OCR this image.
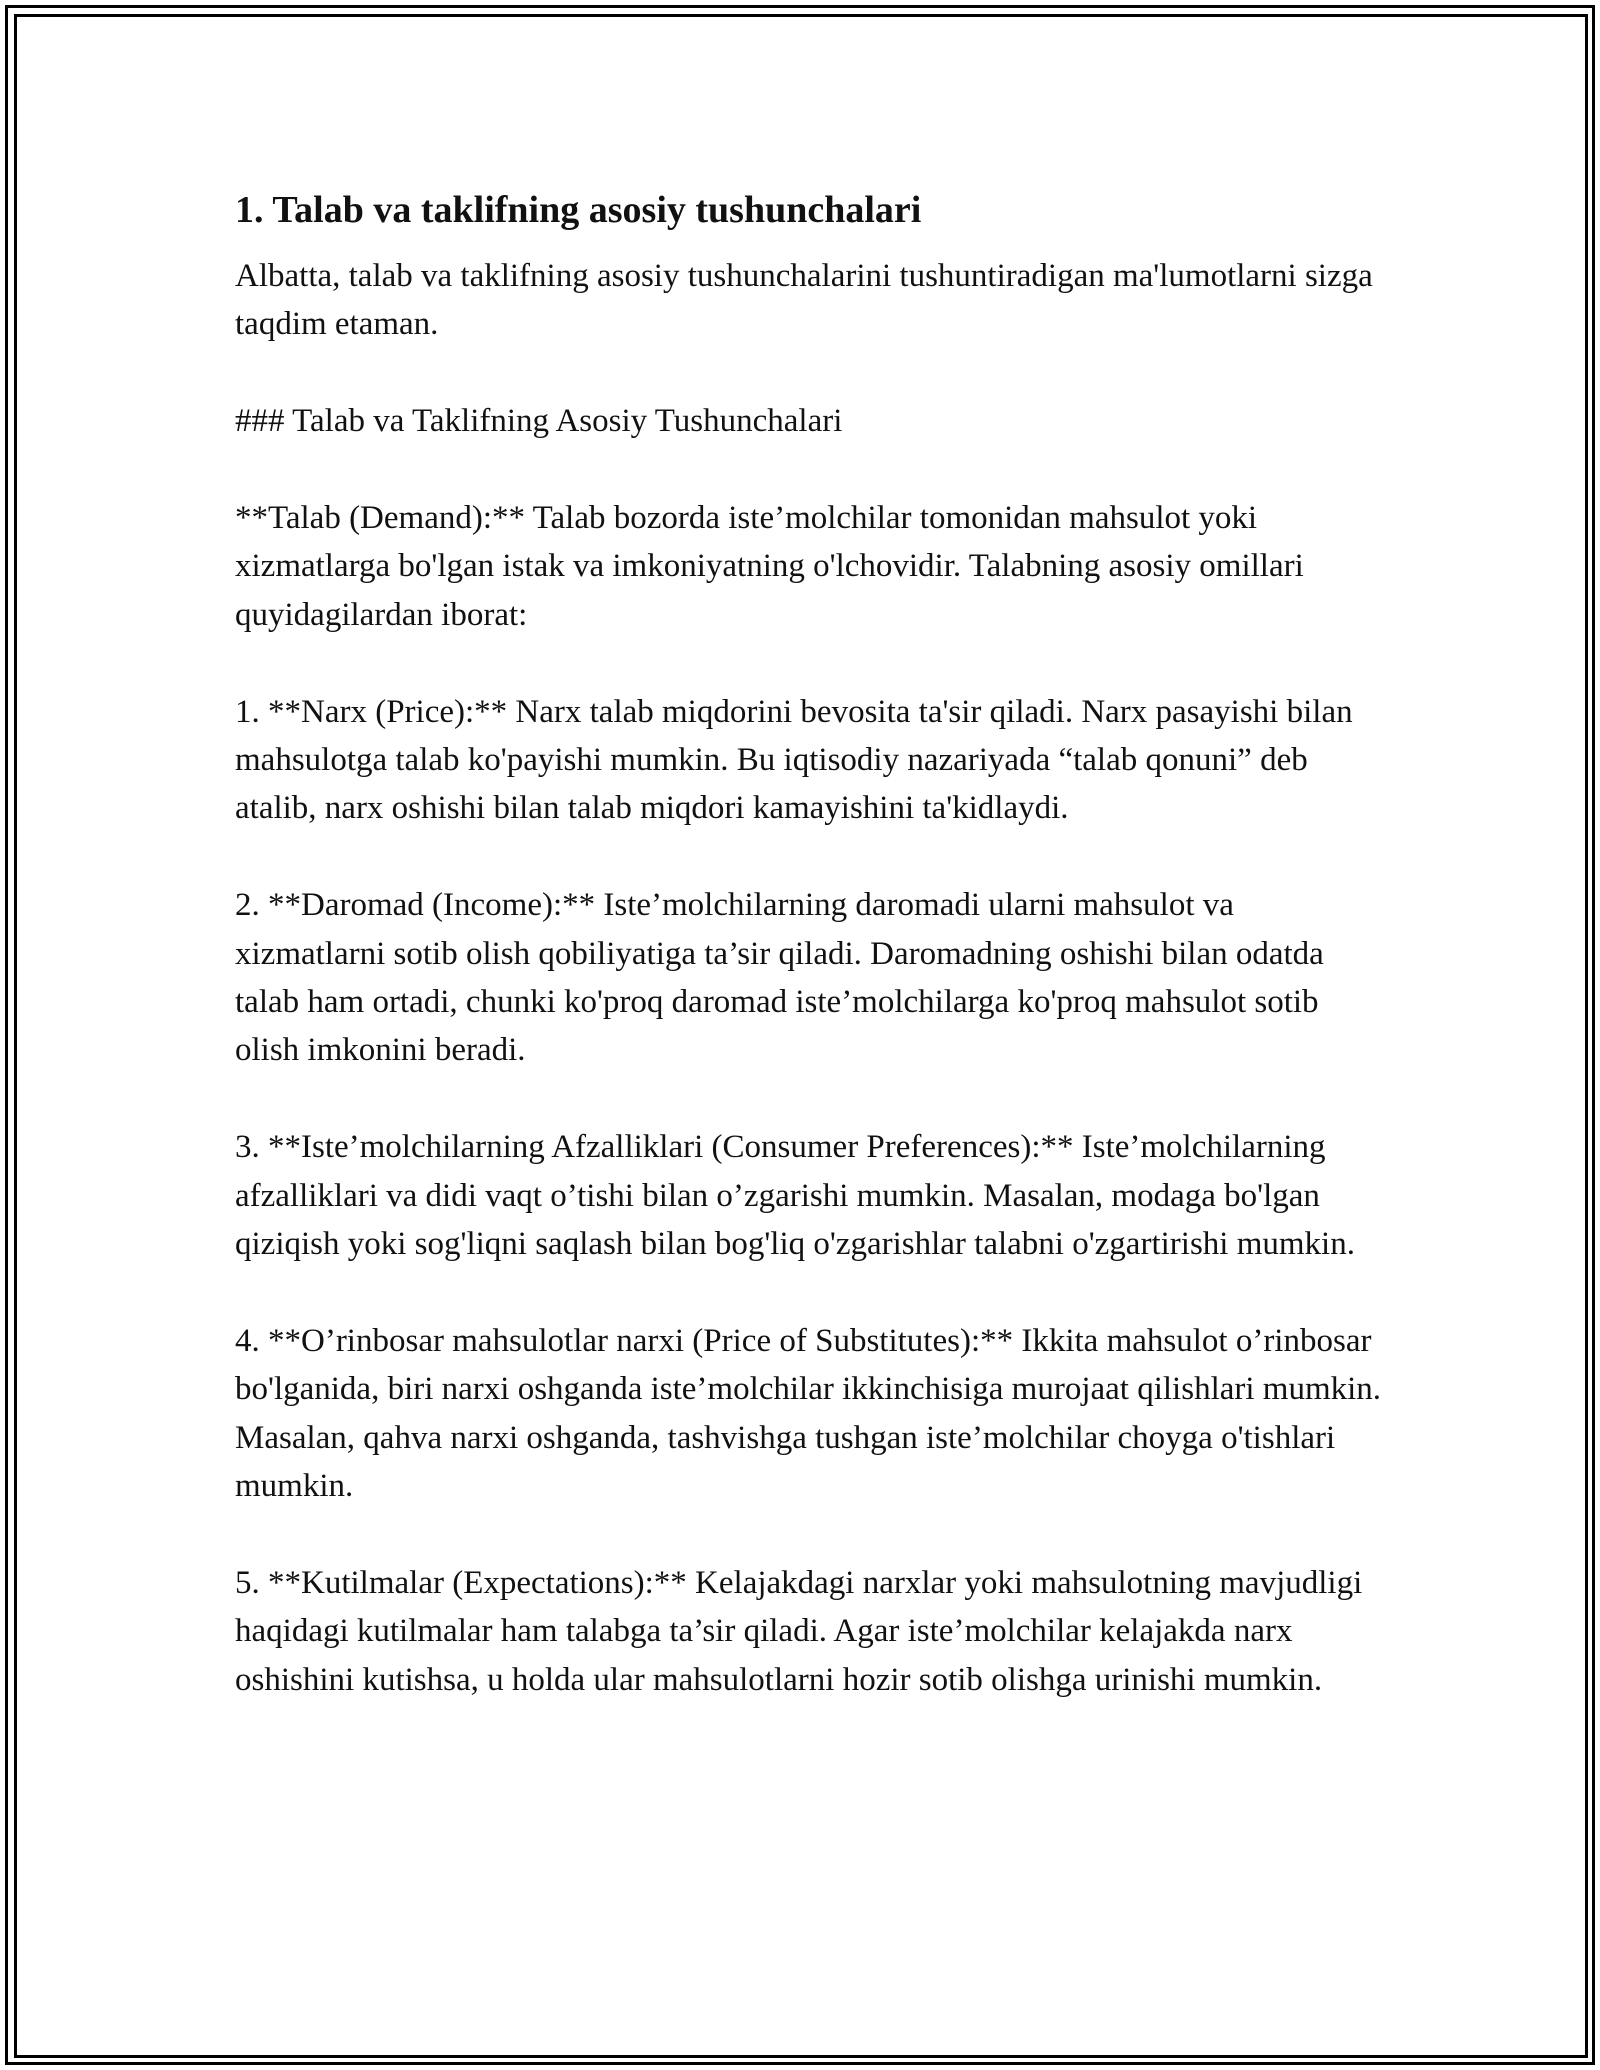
1. Talab va taklifning asosiy tushunchalari

Albatta, talab va taklifning asosiy tushunchalarini tushuntiradigan ma'lumotlarni sizga taqdim etaman.

### Talab va Taklifning Asosiy Tushunchalari

**Talab (Demand):** Talab bozorda iste’molchilar tomonidan mahsulot yoki xizmatlarga bo'lgan istak va imkoniyatning o'lchovidir. Talabning asosiy omillari quyidagilardan iborat:

1. **Narx (Price):** Narx talab miqdorini bevosita ta'sir qiladi. Narx pasayishi bilan mahsulotga talab ko'payishi mumkin. Bu iqtisodiy nazariyada “talab qonuni” deb atalib, narx oshishi bilan talab miqdori kamayishini ta'kidlaydi.

2. **Daromad (Income):** Iste’molchilarning daromadi ularni mahsulot va xizmatlarni sotib olish qobiliyatiga ta’sir qiladi. Daromadning oshishi bilan odatda talab ham ortadi, chunki ko'proq daromad iste’molchilarga ko'proq mahsulot sotib olish imkonini beradi.

3. **Iste’molchilarning Afzalliklari (Consumer Preferences):** Iste’molchilarning afzalliklari va didi vaqt o’tishi bilan o’zgarishi mumkin. Masalan, modaga bo'lgan qiziqish yoki sog'liqni saqlash bilan bog'liq o'zgarishlar talabni o'zgartirishi mumkin.

4. **O’rinbosar mahsulotlar narxi (Price of Substitutes):** Ikkita mahsulot o’rinbosar bo'lganida, biri narxi oshganda iste’molchilar ikkinchisiga murojaat qilishlari mumkin. Masalan, qahva narxi oshganda, tashvishga tushgan iste’molchilar choyga o'tishlari mumkin.

5. **Kutilmalar (Expectations):** Kelajakdagi narxlar yoki mahsulotning mavjudligi haqidagi kutilmalar ham talabga ta’sir qiladi. Agar iste’molchilar kelajakda narx oshishini kutishsa, u holda ular mahsulotlarni hozir sotib olishga urinishi mumkin.
